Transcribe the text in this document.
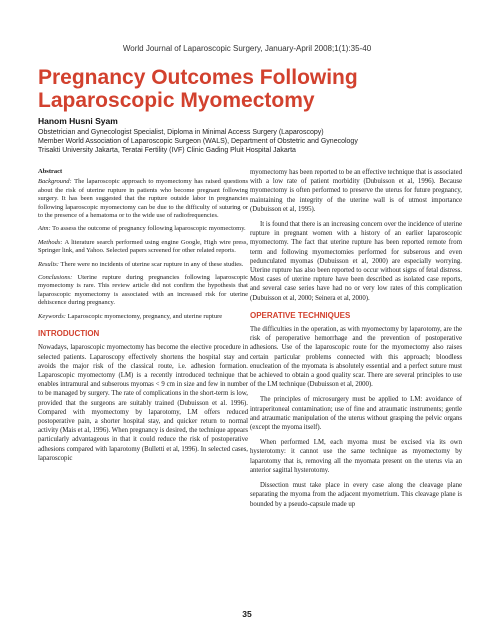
World Journal of Laparoscopic Surgery, January-April 2008;1(1):35-40
Pregnancy Outcomes Following
Laparoscopic Myomectomy
Hanom Husni Syam
Obstetrician and Gynecologist Specialist, Diploma in Minimal Access Surgery (Laparoscopy)
Member World Association of Laparoscopic Surgeon (WALS), Department of Obstetric and Gynecology
Trisakti University Jakarta, Teratai Fertility (IVF) Clinic Gading Pluit Hospital Jakarta

Abstract

Background: The laparoscopic approach to myomectomy has raised questions about the risk of uterine rupture in patients who become pregnant following surgery. It has been suggested that the rupture outside labor in pregnancies following laparoscopic myomectomy can be due to the difficulty of suturing or to the presence of a hematoma or to the wide use of radiofrequencies.

Aim: To assess the outcome of pregnancy following laparoscopic myomectomy.

Methods: A literature search performed using engine Google, High wire press, Springer link, and Yahoo. Selected papers screened for other related reports.

Results: There were no incidents of uterine scar rupture in any of these studies.

Conclusions: Uterine rupture during pregnancies following laparoscopic myomectomy is rare. This review article did not confirm the hypothesis that laparoscopic myomectomy is associated with an increased risk for uterine dehiscence during pregnancy.

Keywords: Laparoscopic myomectomy, pregnancy, and uterine rupture

INTRODUCTION

Nowadays, laparoscopic myomectomy has become the elective procedure in selected patients. Laparoscopy effectively shortens the hospital stay and avoids the major risk of the classical route, i.e. adhesion formation. Laparoscopic myomectomy (LM) is a recently introduced technique that enables intramural and subserous myomas < 9 cm in size and few in number to be managed by surgery. The rate of complications in the short-term is low, provided that the surgeons are suitably trained (Dubuisson et al. 1996). Compared with myomectomy by laparotomy, LM offers reduced postoperative pain, a shorter hospital stay, and quicker return to normal activity (Mais et al, 1996). When pregnancy is desired, the technique appears particularly advantageous in that it could reduce the risk of postoperative adhesions compared with laparotomy (Bulletti et al, 1996). In selected cases, laparoscopic

myomectomy has been reported to be an effective technique that is associated with a low rate of patient morbidity (Dubuisson et al, 1996). Because myomectomy is often performed to preserve the uterus for future pregnancy, maintaining the integrity of the uterine wall is of utmost importance (Dubuisson et al, 1995).

It is found that there is an increasing concern over the incidence of uterine rupture in pregnant women with a history of an earlier laparoscopic myomectomy. The fact that uterine rupture has been reported remote from term and following myomectomies performed for subserous and even pedunculated myomas (Dubuisson et al, 2000) are especially worrying. Uterine rupture has also been reported to occur without signs of fetal distress. Most cases of uterine rupture have been described as isolated case reports, and several case series have had no or very low rates of this complication (Dubuisson et al, 2000; Seinera et al, 2000).

OPERATIVE TECHNIQUES

The difficulties in the operation, as with myomectomy by laparotomy, are the risk of peroperative hemorrhage and the prevention of postoperative adhesions. Use of the laparoscopic route for the myomectomy also raises certain particular problems connected with this approach; bloodless enucleation of the myomata is absolutely essential and a perfect suture must be achieved to obtain a good quality scar. There are several principles to use of the LM technique (Dubuisson et al, 2000).

The principles of microsurgery must be applied to LM: avoidance of intraperitoneal contamination; use of fine and atraumatic instruments; gentle and atraumatic manipulation of the uterus without grasping the pelvic organs (except the myoma itself).

When performed LM, each myoma must be excised via its own hysterotomy: it cannot use the same technique as myomectomy by laparotomy that is, removing all the myomata present on the uterus via an anterior sagittal hysterotomy.

Dissection must take place in every case along the cleavage plane separating the myoma from the adjacent myometrium. This cleavage plane is bounded by a pseudo-capsule made up

35
